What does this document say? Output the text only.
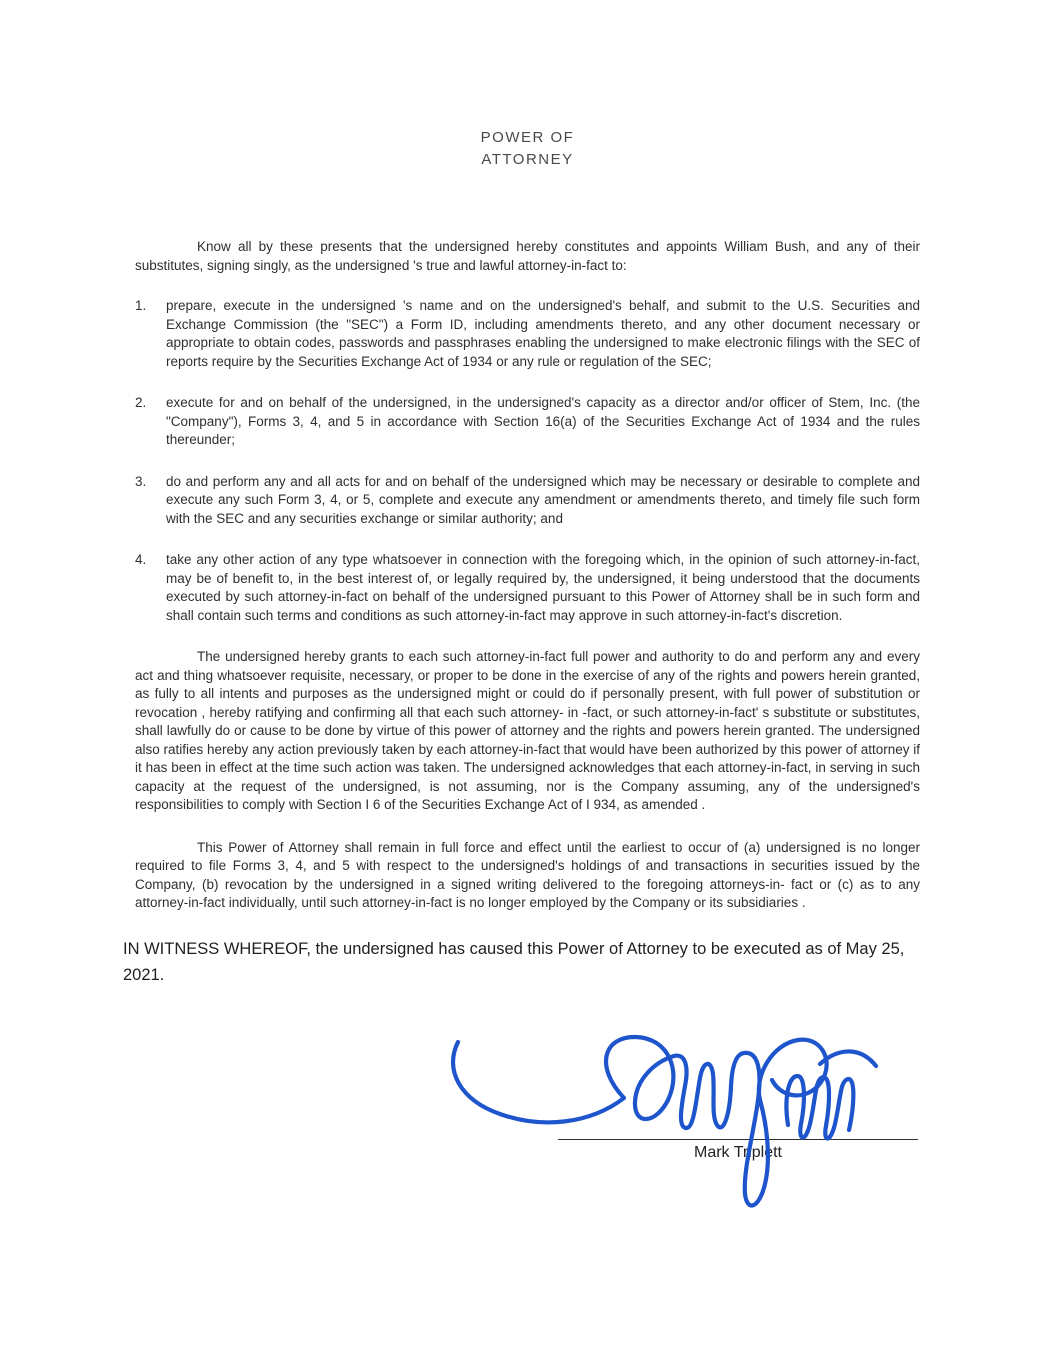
POWER OF
ATTORNEY

Know all by these presents that the undersigned hereby constitutes and appoints William Bush, and any of their substitutes, signing singly, as the undersigned 's true and lawful attorney-in-fact to:

1.	prepare, execute in the undersigned 's name and on the undersigned's behalf, and submit to the U.S. Securities and Exchange Commission (the "SEC") a Form ID, including amendments thereto, and any other document necessary or appropriate to obtain codes, passwords and passphrases enabling the undersigned to make electronic filings with the SEC of reports require by the Securities Exchange Act of 1934 or any rule or regulation of the SEC;
2.	execute for and on behalf of the undersigned, in the undersigned's capacity as a director and/or officer of Stem, Inc. (the "Company"), Forms 3, 4, and 5 in accordance with Section 16(a) of the Securities Exchange Act of 1934 and the rules thereunder;
3.	do and perform any and all acts for and on behalf of the undersigned which may be necessary or desirable to complete and execute any such Form 3, 4, or 5, complete and execute any amendment or amendments thereto, and timely file such form with the SEC and any securities exchange or similar authority; and
4.	take any other action of any type whatsoever in connection with the foregoing which, in the opinion of such attorney-in-fact, may be of benefit to, in the best interest of, or legally required by, the undersigned, it being understood that the documents executed by such attorney-in-fact on behalf of the undersigned pursuant to this Power of Attorney shall be in such form and shall contain such terms and conditions as such attorney-in-fact may approve in such attorney-in-fact's discretion.

The undersigned hereby grants to each such attorney-in-fact full power and authority to do and perform any and every act and thing whatsoever requisite, necessary, or proper to be done in the exercise of any of the rights and powers herein granted, as fully to all intents and purposes as the undersigned might or could do if personally present, with full power of substitution or revocation , hereby ratifying and confirming all that each such attorney- in -fact, or such attorney-in-fact' s substitute or substitutes, shall lawfully do or cause to be done by virtue of this power of attorney and the rights and powers herein granted. The undersigned also ratifies hereby any action previously taken by each attorney-in-fact that would have been authorized by this power of attorney if it has been in effect at the time such action was taken. The undersigned acknowledges that each attorney-in-fact, in serving in such capacity at the request of the undersigned, is not assuming, nor is the Company assuming, any of the undersigned's responsibilities to comply with Section I 6 of the Securities Exchange Act of I 934, as amended .

This Power of Attorney shall remain in full force and effect until the earliest to occur of (a) undersigned is no longer required to file Forms 3, 4, and 5 with respect to the undersigned's holdings of and transactions in securities issued by the Company, (b) revocation by the undersigned in a signed writing delivered to the foregoing attorneys-in- fact or (c) as to any attorney-in-fact individually, until such attorney-in-fact is no longer employed by the Company or its subsidiaries .

IN WITNESS WHEREOF, the undersigned has caused this Power of Attorney to be executed as of May 25, 2021.

Mark Triplett
